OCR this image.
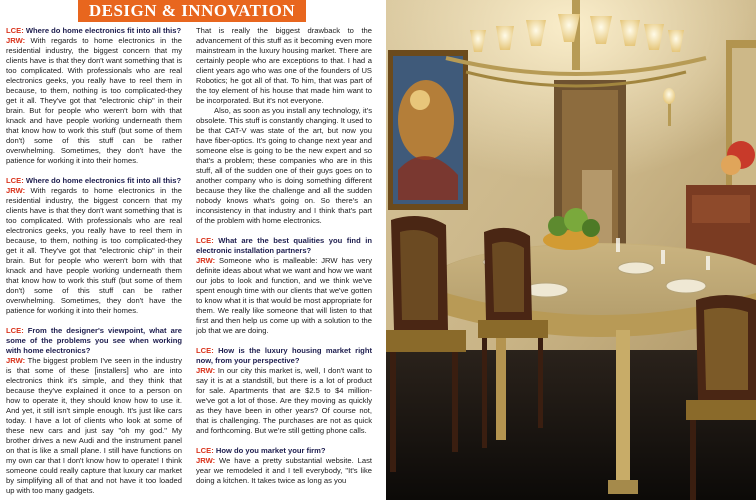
DESIGN & INNOVATION

LCE: Where do home electronics fit into all this?

JRW: With regards to home electronics in the residential industry, the biggest concern that my clients have is that they don't want something that is too complicated. With professionals who are real electronics geeks, you really have to reel them in because, to them, nothing is too complicated-they get it all. They've got that "electronic chip" in their brain. But for people who weren't born with that knack and have people working underneath them that know how to work this stuff (but some of them don't) some of this stuff can be rather overwhelming. Sometimes, they don't have the patience for working it into their homes.

LCE: Where do home electronics fit into all this?

JRW: With regards to home electronics in the residential industry, the biggest concern that my clients have is that they don't want something that is too complicated. With professionals who are real electronics geeks, you really have to reel them in because, to them, nothing is too complicated-they get it all. They've got that "electronic chip" in their brain. But for people who weren't born with that knack and have people working underneath them that know how to work this stuff (but some of them don't) some of this stuff can be rather overwhelming. Sometimes, they don't have the patience for working it into their homes.

LCE: From the designer's viewpoint, what are some of the problems you see when working with home electronics?

JRW: The biggest problem I've seen in the industry is that some of these [installers] who are into electronics think it's simple, and they think that because they've explained it once to a person on how to operate it, they should know how to use it. And yet, it still isn't simple enough. It's just like cars today. I have a lot of clients who look at some of these new cars and just say "oh my god." My brother drives a new Audi and the instrument panel on that is like a small plane. I still have functions on my own car that I don't know how to operate! I think someone could really capture that luxury car market by simplifying all of that and not have it too loaded up with too many gadgets.

That is really the biggest drawback to the advancement of this stuff as it becoming even more mainstream in the luxury housing market. There are certainly people who are exceptions to that. I had a client years ago who was one of the founders of US Robotics; he got all of that. To him, that was part of the toy element of his house that made him want to be incorporated. But it's not everyone.

Also, as soon as you install any technology, it's obsolete. This stuff is constantly changing. It used to be that CAT-V was state of the art, but now you have fiber-optics. It's going to change next year and someone else is going to be the new expert and so that's a problem; these companies who are in this stuff, all of the sudden one of their guys goes on to another company who is doing something different because they like the challenge and all the sudden nobody knows what's going on. So there's an inconsistency in that industry and I think that's part of the problem with home electronics.

LCE: What are the best qualities you find in electronic installation partners?

JRW: Someone who is malleable: JRW has very definite ideas about what we want and how we want our jobs to look and function, and we think we've spent enough time with our clients that we've gotten to know what it is that would be most appropriate for them. We really like someone that will listen to that first and then help us come up with a solution to the job that we are doing.

LCE: How is the luxury housing market right now, from your perspective?

JRW: In our city this market is, well, I don't want to say it is at a standstill, but there is a lot of product for sale. Apartments that are $2.5 to $4 million-we've got a lot of those. Are they moving as quickly as they have been in other years? Of course not, that is challenging. The purchases are not as quick and forthcoming. But we're still getting phone calls.

LCE: How do you market your firm?

JRW: We have a pretty substantial website. Last year we remodeled it and I tell everybody, "It's like doing a kitchen. It takes twice as long as you
